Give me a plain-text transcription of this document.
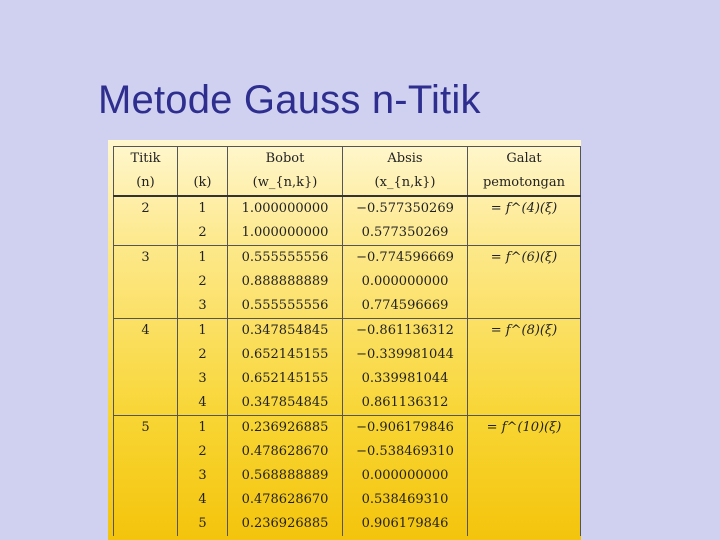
Metode Gauss n-Titik
Titik		Bobot	Absis	Galat
(n)	(k)	(w_{n,k})	(x_{n,k})	pemotongan
2	1	1.000000000	−0.577350269	= f^(4)(ξ)
	2	1.000000000	0.577350269	
3	1	0.555555556	−0.774596669	= f^(6)(ξ)
	2	0.888888889	0.000000000	
	3	0.555555556	0.774596669	
4	1	0.347854845	−0.861136312	= f^(8)(ξ)
	2	0.652145155	−0.339981044	
	3	0.652145155	0.339981044	
	4	0.347854845	0.861136312	
5	1	0.236926885	−0.906179846	= f^(10)(ξ)
	2	0.478628670	−0.538469310	
	3	0.568888889	0.000000000	
	4	0.478628670	0.538469310	
	5	0.236926885	0.906179846	
